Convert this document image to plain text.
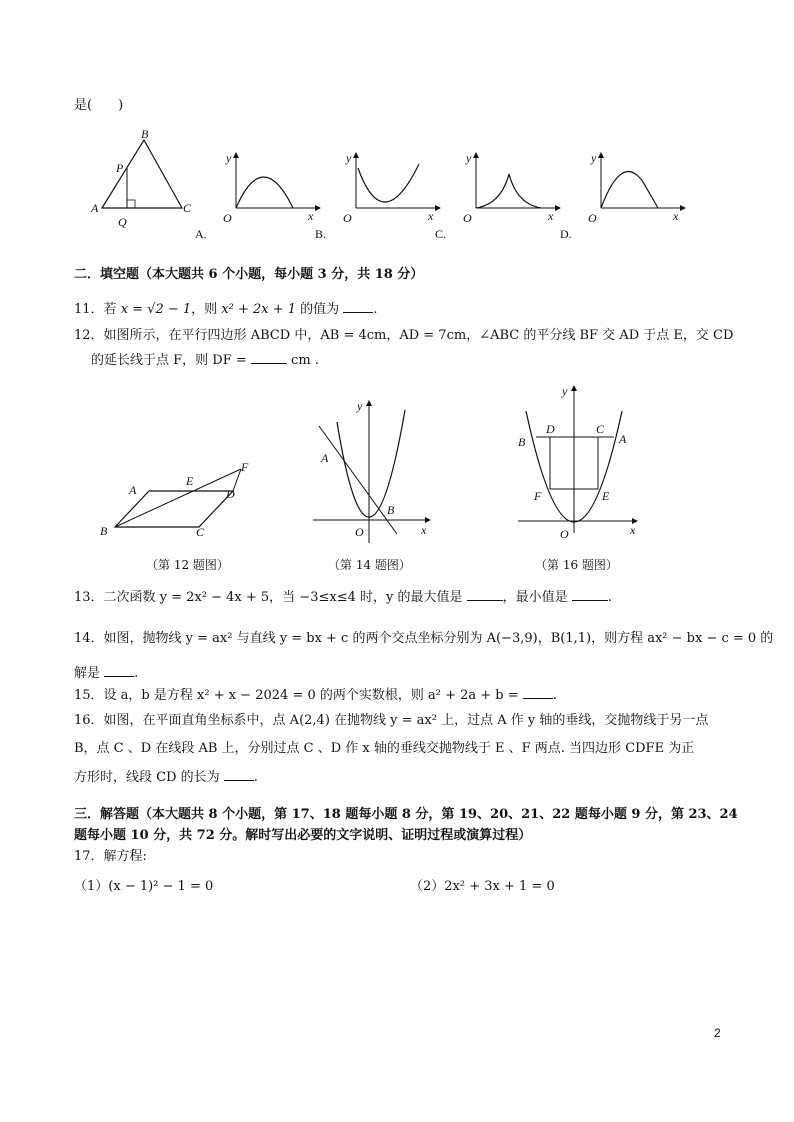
是(　　)
B
P
A
Q
C
y
O	x
A.
y
O	x
B.
y
O	x
C.
y
O	x
D.
二．填空题（本大题共 6 个小题，每小题 3 分，共 18 分）
11．若 x = √2 − 1，则 x² + 2x + 1 的值为 .
12．如图所示，在平行四边形 ABCD 中，AB = 4cm，AD = 7cm，∠ABC 的平分线 BF 交 AD 于点 E，交 CD
的延长线于点 F，则 DF =	cm .
A
B	C
D
E
F
（第 12 题图）
y
A
B
O	x
（第 14 题图）
y
D	C
B	A
F	E
O	x
（第 16 题图）
13．二次函数 y = 2x² − 4x + 5，当 −3≤x≤4 时，y 的最大值是	，最小值是	.
14．如图，抛物线 y = ax² 与直线 y = bx + c 的两个交点坐标分别为 A(−3,9)，B(1,1)，则方程 ax² − bx − c = 0 的
解是	.
15．设 a，b 是方程 x² + x − 2024 = 0 的两个实数根，则 a² + 2a + b =	.
16．如图，在平面直角坐标系中，点 A(2,4) 在抛物线 y = ax² 上，过点 A 作 y 轴的垂线，交抛物线于另一点
B，点 C 、D 在线段 AB 上，分别过点 C 、D 作 x 轴的垂线交抛物线于 E 、F 两点. 当四边形 CDFE 为正
方形时，线段 CD 的长为	.
三．解答题（本大题共 8 个小题，第 17、18 题每小题 8 分，第 19、20、21、22 题每小题 9 分，第 23、24
题每小题 10 分，共 72 分。解时写出必要的文字说明、证明过程或演算过程）
17．解方程:
（1）(x − 1)² − 1 = 0	（2）2x² + 3x + 1 = 0
2
